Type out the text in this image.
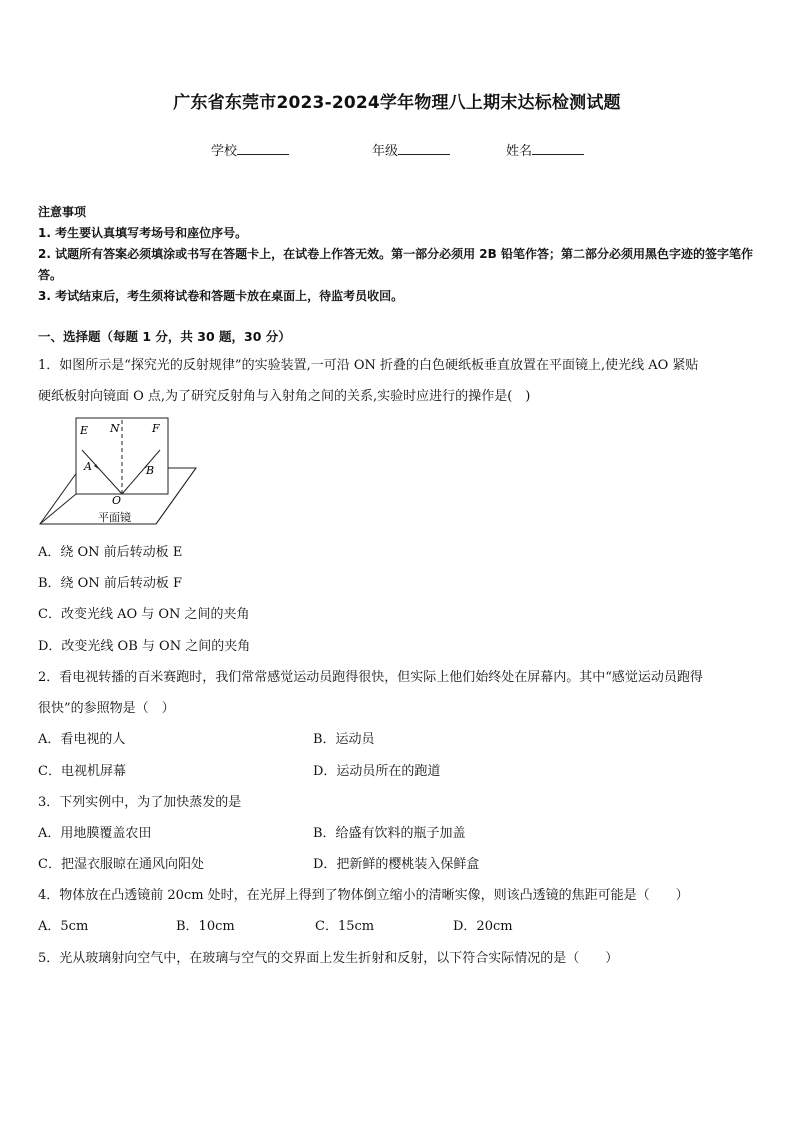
广东省东莞市2023-2024学年物理八上期末达标检测试题
学校	年级	姓名
注意事项
1. 考生要认真填写考场号和座位序号。
2. 试题所有答案必须填涂或书写在答题卡上，在试卷上作答无效。第一部分必须用 2B 铅笔作答；第二部分必须用黑色字迹的签字笔作答。
3. 考试结束后，考生须将试卷和答题卡放在桌面上，待监考员收回。
一、选择题（每题 1 分，共 30 题，30 分）
1．如图所示是“探究光的反射规律”的实验装置,一可沿 ON 折叠的白色硬纸板垂直放置在平面镜上,使光线 AO 紧贴
硬纸板射向镜面 O 点,为了研究反射角与入射角之间的关系,实验时应进行的操作是(　)
E N	F
A	B
O
平面镜
A．绕 ON 前后转动板 E
B．绕 ON 前后转动板 F
C．改变光线 AO 与 ON 之间的夹角
D．改变光线 OB 与 ON 之间的夹角
2．看电视转播的百米赛跑时，我们常常感觉运动员跑得很快，但实际上他们始终处在屏幕内。其中“感觉运动员跑得
很快”的参照物是（　）
A．看电视的人	B．运动员
C．电视机屏幕	D．运动员所在的跑道
3．下列实例中，为了加快蒸发的是
A．用地膜覆盖农田	B．给盛有饮料的瓶子加盖
C．把湿衣服晾在通风向阳处	D．把新鲜的樱桃装入保鲜盒
4．物体放在凸透镜前 20cm 处时，在光屏上得到了物体倒立缩小的清晰实像，则该凸透镜的焦距可能是（　　）
A．5cm	B．10cm	C．15cm	D．20cm
5．光从玻璃射向空气中，在玻璃与空气的交界面上发生折射和反射，以下符合实际情况的是（　　）
